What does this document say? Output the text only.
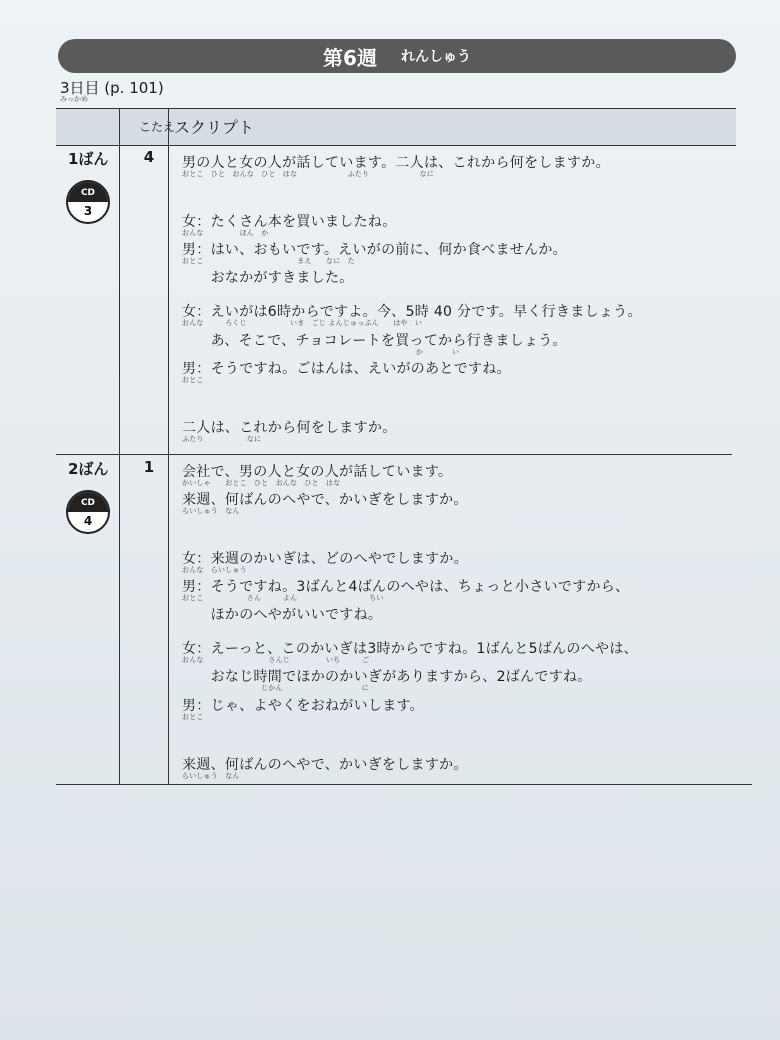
第6週 れんしゅう
3日目 (p. 101)
みっかめ
こたえ スクリプト
1ばん
CD
3
4	男の人と女の人が話しています。二人は、これから何をしますか。
おとこ　ひと　おんな　ひと　はな　　　　　　　ふたり　　　　　　　なに
女：たくさん本を買いましたね。
おんな　　　　　ほん　か
男：はい、おもいです。えいがの前に、何か食べませんか。
おとこ　　　　　　　　　　　　　まえ　　なに　た
　　おなかがすきました。
女：えいがは6時からですよ。今、5時 40 分です。早く行きましょう。
おんな　　　ろくじ　　　　　　いま　ごじ よんじゅっぷん　　はや　い
　　あ、そこで、チョコレートを買ってから行きましょう。
か　　　　い
男：そうですね。ごはんは、えいがのあとですね。
おとこ
二人は、これから何をしますか。
ふたり　　　　　　なに
2ばん
CD
4
1	会社で、男の人と女の人が話しています。
かいしゃ　　おとこ　ひと　おんな　ひと　はな
来週、何ばんのへやで、かいぎをしますか。
らいしゅう　なん
女：来週のかいぎは、どのへやでしますか。
おんな　らいしゅう
男：そうですね。3ばんと4ばんのへやは、ちょっと小さいですから、
おとこ　　　　　　さん　　　よん　　　　　　　　　　ちい
　　ほかのへやがいいですね。
女：えーっと、このかいぎは3時からですね。1ばんと5ばんのへやは、
おんな　　　　　　　　　さんじ　　　　　いち　　　ご
　　おなじ時間でほかのかいぎがありますから、2ばんですね。
じかん　　　　　　　　　　　に
男：じゃ、よやくをおねがいします。
おとこ
来週、何ばんのへやで、かいぎをしますか。
らいしゅう　なん
